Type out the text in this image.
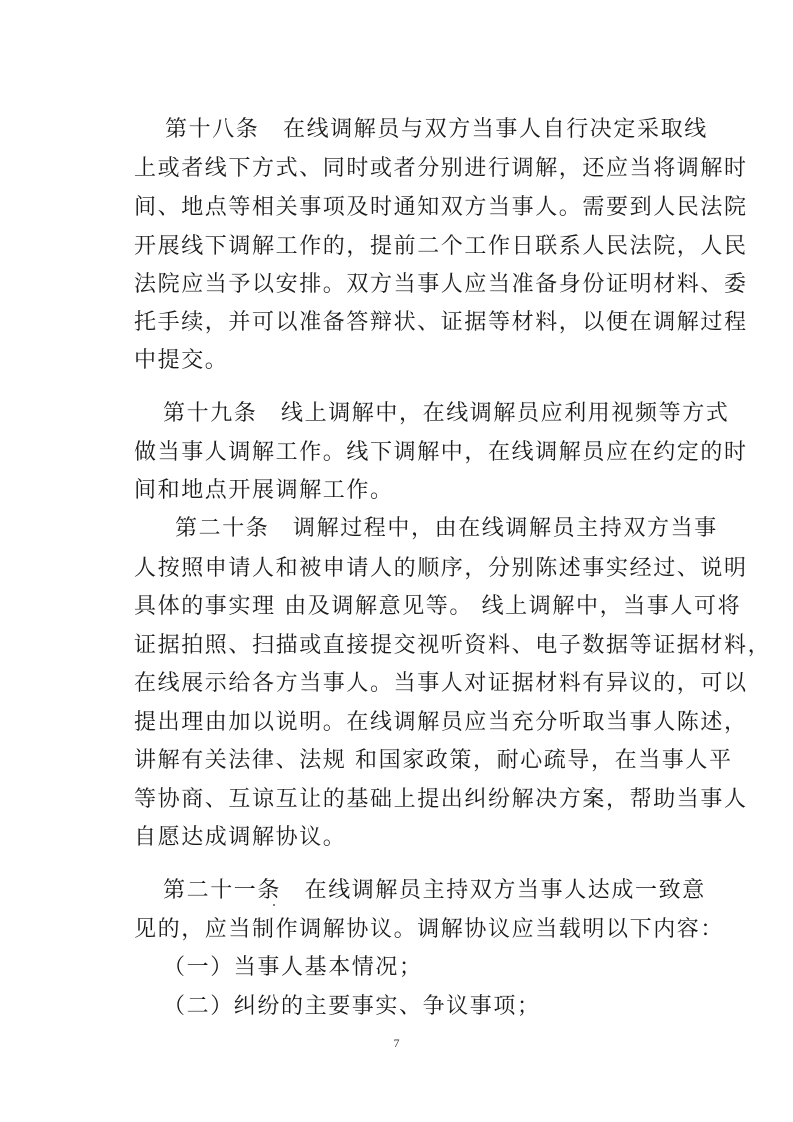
第十八条　在线调解员与双方当事人自行决定采取线
上或者线下方式、同时或者分别进行调解，还应当将调解时
间、地点等相关事项及时通知双方当事人。需要到人民法院
开展线下调解工作的，提前二个工作日联系人民法院，人民
法院应当予以安排。双方当事人应当准备身份证明材料、委
托手续，并可以准备答辩状、证据等材料，以便在调解过程
中提交。
第十九条　线上调解中，在线调解员应利用视频等方式
做当事人调解工作。线下调解中，在线调解员应在约定的时
间和地点开展调解工作。
第二十条　调解过程中，由在线调解员主持双方当事
人按照申请人和被申请人的顺序，分别陈述事实经过、说明
具体的事实理 由及调解意见等。 线上调解中，当事人可将
证据拍照、扫描或直接提交视听资料、电子数据等证据材料，
在线展示给各方当事人。当事人对证据材料有异议的，可以
提出理由加以说明。在线调解员应当充分听取当事人陈述，
讲解有关法律、法规 和国家政策，耐心疏导，在当事人平
等协商、互谅互让的基础上提出纠纷解决方案，帮助当事人
自愿达成调解协议。
第二十一条　在线调解员主持双方当事人达成一致意
见的，应当制作调解协议。调解协议应当载明以下内容：
（一）当事人基本情况；
（二）纠纷的主要事实、争议事项；
7
